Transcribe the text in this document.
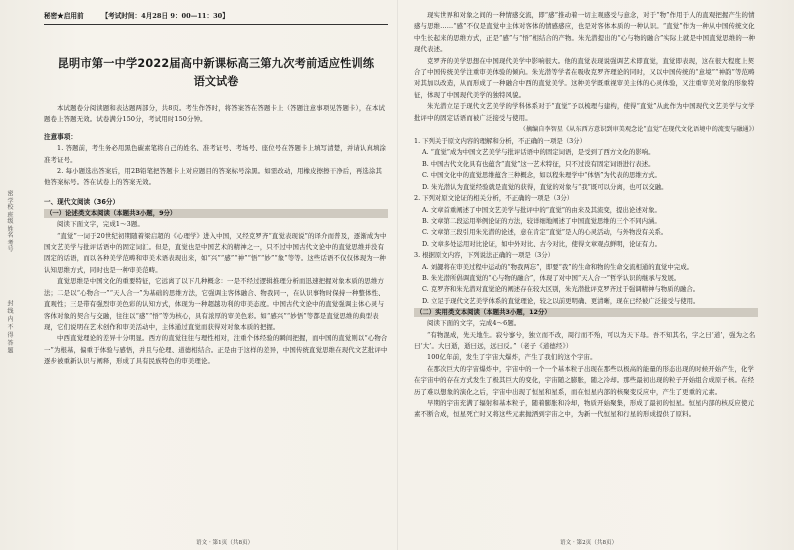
密 学校 班级 姓名 考号
封 线 内 不 得 答 题
秘密★启用前	【考试时间：4月28日 9：00—11：30】
昆明市第一中学2022届高中新课标高三第九次考前适应性训练
语文试卷

本试题卷分阅读题和表达题两部分，共8页。考生作答时，将答案答在答题卡上（答题注意事项见答题卡），在本试题卷上答题无效。试卷满分150分，考试用时150分钟。

注意事项：

1. 答题前，考生务必用黑色碳素笔将自己的姓名、准考证号、考场号、座位号在答题卡上填写清楚，并请认真填涂准考证号。

2. 每小题选出答案后，用2B铅笔把答题卡上对应题目的答案标号涂黑。如需改动，用橡皮擦擦干净后，再选涂其他答案标号。答在试卷上的答案无效。

一、现代文阅读（36分）

（一）论述类文本阅读（本题共3小题，9分）

阅读下面文字，完成1～3题。

“直觉”一词于20世纪初期随着梁启超的《心理学》进入中国，又经克罗齐“直觉表现说”的译介而普及，逐渐成为中国文艺美学与批评话语中的固定词汇。但是，直觉也是中国艺术的精神之一，只不过中国古代文论中的直觉思维并没有固定的话语，而以各种美学范畴和审美术语表现出来，如“兴”“感”“神”“悟”“妙”“象”等等。这些话语不仅仅体现为一种认知思维方式，同时也是一种审美范畴。

直觉思维是中国文化的重要特征，它远离了以下几种概念：一是不经过逻辑推理分析而迅速把握对象本质的思维方法；二是以“心物合一”“天人合一”为基础的思维方法，它强调主客体融合、物我同一，在认识事物时保持一种整体性、直观性；三是带有强烈审美色彩的认知方式，体现为一种超越功利的审美态度。中国古代文论中的直觉强调主体心灵与客体对象的契合与交融，往往以“感”“悟”等为核心，具有浓厚的审美色彩。如“感兴”“妙悟”等都是直觉思维的典型表现，它们说明在艺术创作和审美活动中，主体通过直觉而获得对对象本质的把握。

中西直觉理论的差异十分明显。西方的直觉往往与理性相对，注重个体经验的瞬间把握，而中国的直觉则以“心物合一”为根基，偏重于体验与感悟，并且与伦理、道德相结合。正是由于这样的差异，中国传统直觉思维在现代文艺批评中逐步被重新认识与阐释，形成了具有民族特色的审美理论。

现实世界和对象之间的一种情感交流，即“感”推动着一切主观感受与意念，对于“物”作用于人的直观把握产生的情感与思维……“感”不仅是直觉中主体对客体的情感感应，也是对客体本质的一种认识。“直觉”作为一种从中国传统文化中生长起来的思维方式，正是“感”与“悟”相结合的产物。朱光潜提出的“心与物的融合”实际上就是中国直觉思维的一种现代表述。

克罗齐的美学思想在中国现代美学中影响很大。他的直觉表现说强调艺术即直觉，直觉即表现，这在很大程度上契合了中国传统美学注重审美体验的倾向。朱光潜等学者在吸收克罗齐理论的同时，又以中国传统的“意境”“神韵”等范畴对其加以改造，从而形成了一种融合中西的直觉美学。这种美学既重视审美主体的心灵体验，又注重审美对象的形象特征，体现了中国现代美学的独特风貌。

朱光潜立足于现代文艺美学的学科体系对于“直觉”予以梳理与建构，使得“直觉”从此作为中国现代文艺美学与文学批评中的固定话语而被广泛接受与使用。

（摘编自李智星《从东西方意识到审美观念论“直觉”在现代文化语境中的流变与融通》）

1. 下列关于原文内容的理解和分析，不正确的一项是（3分）

A. “直觉”成为中国文艺美学与批评话语中的固定词语，是受到了西方文化的影响。

B. 中国古代文化具有也蕴含“直觉”这一艺术特征，只不过没有固定词语进行表述。

C. 中国文化中的直觉思维蕴含三种概念，如以程朱理学中“体悟”为代表的思维方式。

D. 朱光潜认为直觉经验就是直觉的获得，直觉的对象与“我”既可以分离，也可以交融。

2. 下列对原文论证的相关分析，不正确的一项是（3分）

A. 文章首重阐述了中国文艺美学与批评中的“直觉”的由来及其流变，提出论述对象。

B. 文章第二段运用举例论证的方法，较详细地阐述了中国直觉思维的三个不同内涵。

C. 文章第三段引用朱光潜的论述，意在肯定“直觉”是人的心灵活动，与外物没有关系。

D. 文章多处运用对比论证，如中外对比、古今对比，使得文章观点鲜明，论证有力。

3. 根据原文内容，下列说法正确的一项是（3分）

A. 刘勰将在审美过程中运动的“物我两忘”，即要“我”的生命和物的生命交流相通的直觉中完成。

B. 朱光潜所倡调直觉的“心与物的融合”，体现了对中国“天人合一”哲学认识的继承与发展。

C. 克罗齐和朱光潜对直觉论的阐述存在较大区别，朱光潜批评克罗齐过于强调精神与物质的融合。

D. 立足于现代文艺美学体系的直觉理论，较之以前更明确、更清晰，现在已经被广泛接受与使用。

（二）实用类文本阅读（本题共3小题，12分）

阅读下面的文字，完成4～6题。

“有物混成，先天地生。寂兮寥兮，独立而不改，周行而不殆，可以为天下母。吾不知其名，字之曰‘道’，强为之名曰‘大’。大曰逝，逝曰远，远曰反。”（老子《道德经》）

100亿年前，发生了宇宙大爆炸，产生了我们的这个宇宙。

在那次巨大的宇宙爆炸中，宇宙中的一个一个基本粒子出现在那些以极高的能量的形态出现的时候开始产生，化学在宇宙中的存在方式发生了极其巨大的变化，宇宙随之膨胀，随之冷却。那些最初出现的粒子开始组合成原子核。在经历了难以想象的演化之后，宇宙中出现了恒星和星系，而在恒星内部的核聚变反应中，产生了更重的元素。

早期的宇宙充满了辐射和基本粒子，随着膨胀和冷却，物质开始聚集，形成了最初的恒星。恒星内部的核反应使元素不断合成，恒星死亡时又将这些元素抛洒到宇宙之中，为新一代恒星和行星的形成提供了原料。

语文 · 第1页（共8页）	语文 · 第2页（共8页）
